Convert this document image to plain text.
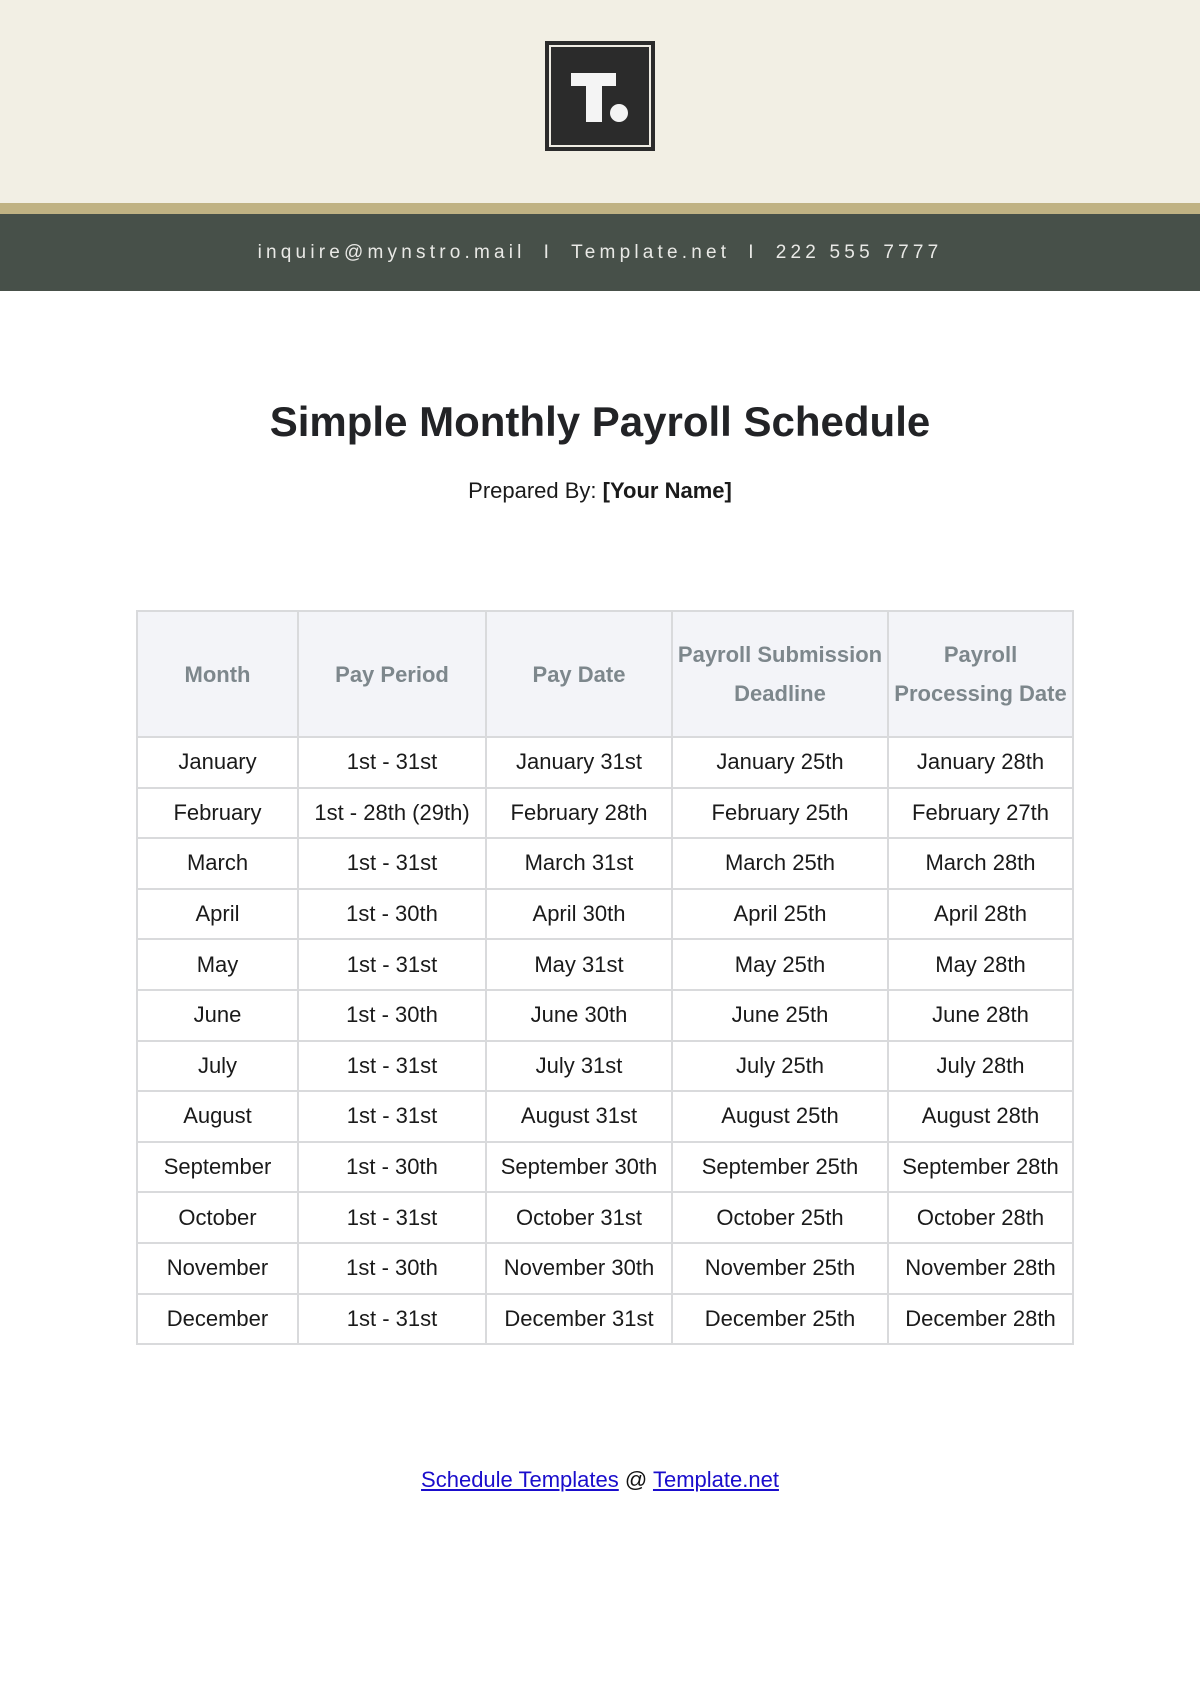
inquire@mynstro.mail I Template.net I 222 555 7777
Simple Monthly Payroll Schedule
Prepared By: [Your Name]
Month	Pay Period	Pay Date	Payroll Submission Deadline	Payroll Processing Date
January	1st - 31st	January 31st	January 25th	January 28th
February	1st - 28th (29th)	February 28th	February 25th	February 27th
March	1st - 31st	March 31st	March 25th	March 28th
April	1st - 30th	April 30th	April 25th	April 28th
May	1st - 31st	May 31st	May 25th	May 28th
June	1st - 30th	June 30th	June 25th	June 28th
July	1st - 31st	July 31st	July 25th	July 28th
August	1st - 31st	August 31st	August 25th	August 28th
September	1st - 30th	September 30th	September 25th	September 28th
October	1st - 31st	October 31st	October 25th	October 28th
November	1st - 30th	November 30th	November 25th	November 28th
December	1st - 31st	December 31st	December 25th	December 28th
Schedule Templates @ Template.net
